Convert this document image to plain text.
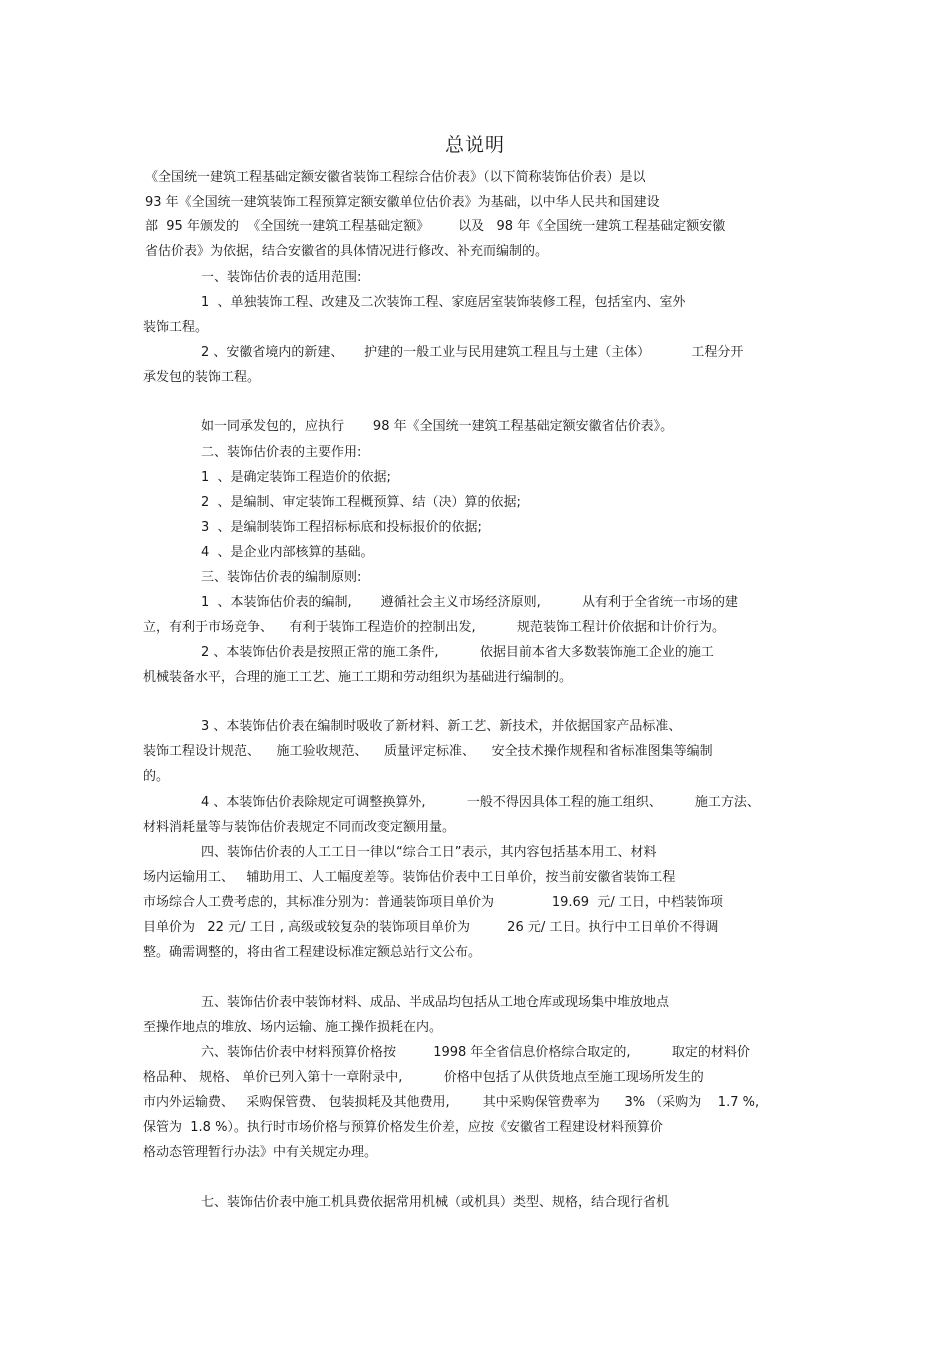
总说明
《全国统一建筑工程基础定额安徽省装饰工程综合估价表》（以下简称装饰估价表）是以
93 年《全国统一建筑装饰工程预算定额安徽单位估价表》为基础，以中华人民共和国建设
部  95 年颁发的  《全国统一建筑工程基础定额》       以及   98 年《全国统一建筑工程基础定额安徽
省估价表》为依据，结合安徽省的具体情况进行修改、补充而编制的。
一、装饰估价表的适用范围:
1  、单独装饰工程、改建及二次装饰工程、家庭居室装饰装修工程，包括室内、室外
装饰工程。
2 、安徽省境内的新建、     护建的一般工业与民用建筑工程且与土建（主体）          工程分开
承发包的装饰工程。
如一同承发包的，应执行       98 年《全国统一建筑工程基础定额安徽省估价表》。
二、装饰估价表的主要作用:
1  、是确定装饰工程造价的依据;
2  、是编制、审定装饰工程概预算、结（决）算的依据;
3  、是编制装饰工程招标标底和投标报价的依据;
4  、是企业内部核算的基础。
三、装饰估价表的编制原则:
1  、本装饰估价表的编制,       遵循社会主义市场经济原则,          从有利于全省统一市场的建
立，有利于市场竞争、    有利于装饰工程造价的控制出发,          规范装饰工程计价依据和计价行为。
2 、本装饰估价表是按照正常的施工条件,          依据目前本省大多数装饰施工企业的施工
机械装备水平，合理的施工工艺、施工工期和劳动组织为基础进行编制的。
3 、本装饰估价表在编制时吸收了新材料、新工艺、新技术，并依据国家产品标准、
装饰工程设计规范、    施工验收规范、    质量评定标准、    安全技术操作规程和省标准图集等编制
的。
4 、本装饰估价表除规定可调整换算外,          一般不得因具体工程的施工组织、        施工方法、
材料消耗量等与装饰估价表规定不同而改变定额用量。
四、装饰估价表的人工工日一律以“综合工日”表示，其内容包括基本用工、材料
场内运输用工、   辅助用工、人工幅度差等。装饰估价表中工日单价，按当前安徽省装饰工程
市场综合人工费考虑的，其标准分别为：普通装饰项目单价为              19.69  元/ 工日，中档装饰项
目单价为   22 元/ 工日 , 高级或较复杂的装饰项目单价为         26 元/ 工日。执行中工日单价不得调
整。确需调整的，将由省工程建设标准定额总站行文公布。
五、装饰估价表中装饰材料、成品、半成品均包括从工地仓库或现场集中堆放地点
至操作地点的堆放、场内运输、施工操作损耗在内。
六、装饰估价表中材料预算价格按         1998 年全省信息价格综合取定的,          取定的材料价
格品种、 规格、 单价已列入第十一章附录中,          价格中包括了从供货地点至施工现场所发生的
市内外运输费、   采购保管费、 包装损耗及其他费用,        其中采购保管费率为      3% （采购为    1.7 %,
保管为  1.8 %）。执行时市场价格与预算价格发生价差，应按《安徽省工程建设材料预算价
格动态管理暂行办法》中有关规定办理。
七、装饰估价表中施工机具费依据常用机械（或机具）类型、规格，结合现行省机
